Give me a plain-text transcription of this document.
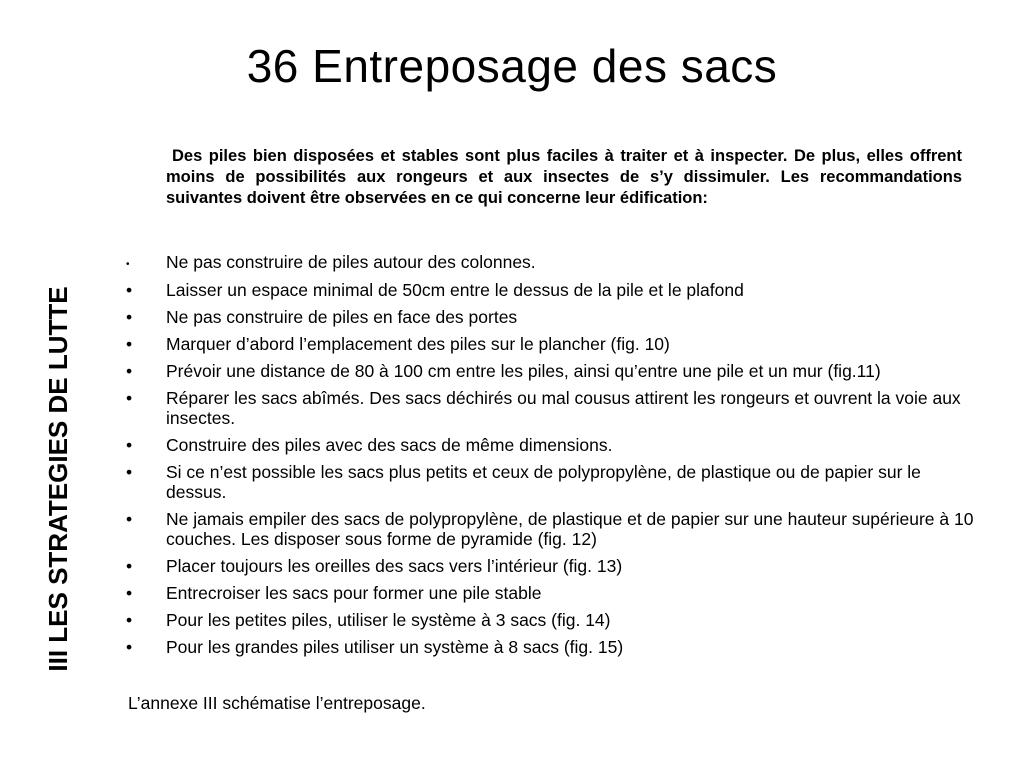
36 Entreposage des sacs
III LES STRATEGIES DE LUTTE

Des piles bien disposées et stables sont plus faciles à traiter et à inspecter. De plus, elles offrent moins de possibilités aux rongeurs et aux insectes de s’y dissimuler. Les recommandations suivantes doivent être observées en ce qui concerne leur édification:

•	Ne pas construire de piles autour des colonnes.
•	Laisser un espace minimal de 50cm entre le dessus de la pile et le plafond
•	Ne pas construire de piles en face des portes
•	Marquer d’abord l’emplacement des piles sur le plancher (fig. 10)
•	Prévoir une distance de 80 à 100 cm entre les piles, ainsi qu’entre une pile et un mur (fig.11)
•	Réparer les sacs abîmés. Des sacs déchirés ou mal cousus attirent les rongeurs et ouvrent la voie aux insectes.
•	Construire des piles avec des sacs de même dimensions.
•	Si ce n’est possible les sacs plus petits et ceux de polypropylène, de plastique ou de papier sur le dessus.
•	Ne jamais empiler des sacs de polypropylène, de plastique et de papier sur une hauteur supérieure à 10 couches. Les disposer sous forme de pyramide (fig. 12)
•	Placer toujours les oreilles des sacs vers l’intérieur (fig. 13)
•	Entrecroiser les sacs pour former une pile stable
•	Pour les petites piles, utiliser le système à 3 sacs (fig. 14)
•	Pour les grandes piles utiliser un système à 8 sacs (fig. 15)

L’annexe III schématise l’entreposage.
